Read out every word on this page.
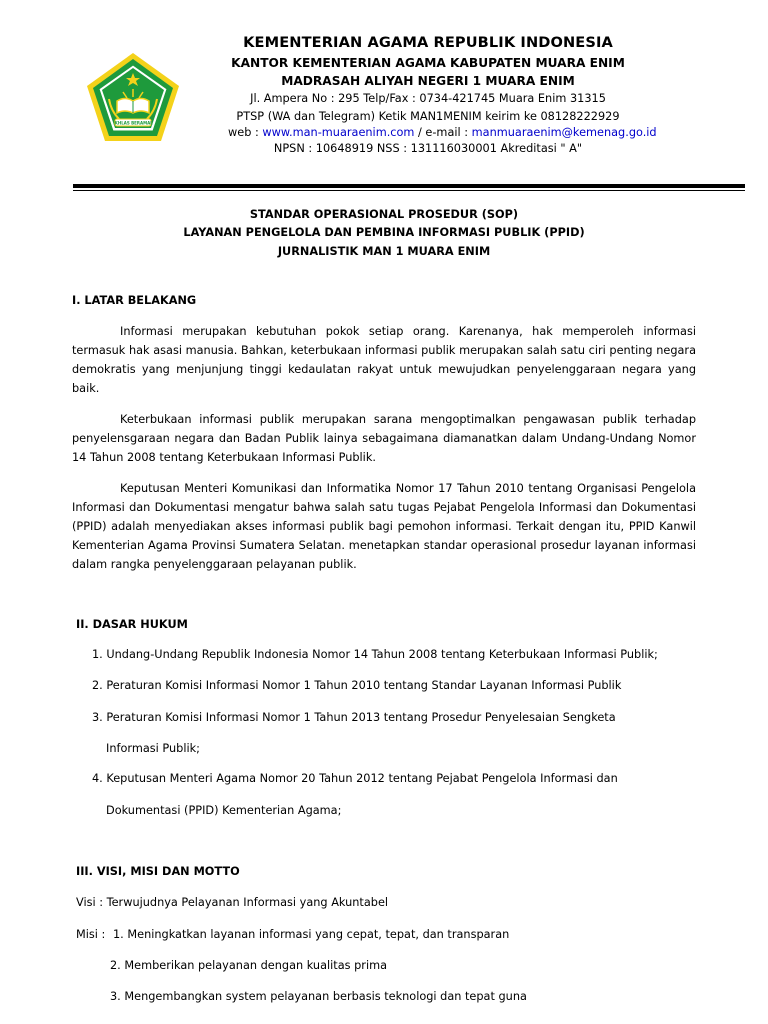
IKHLAS BERAMAL
KEMENTERIAN AGAMA REPUBLIK INDONESIA
KANTOR KEMENTERIAN AGAMA KABUPATEN MUARA ENIM
MADRASAH ALIYAH NEGERI 1 MUARA ENIM
Jl. Ampera No : 295 Telp/Fax : 0734-421745 Muara Enim 31315
PTSP (WA dan Telegram) Ketik MAN1MENIM keirim ke 08128222929
web : www.man-muaraenim.com / e-mail : manmuaraenim@kemenag.go.id
NPSN : 10648919 NSS : 131116030001 Akreditasi " A"
STANDAR OPERASIONAL PROSEDUR (SOP)
LAYANAN PENGELOLA DAN PEMBINA INFORMASI PUBLIK (PPID)
JURNALISTIK MAN 1 MUARA ENIM
I. LATAR BELAKANG

Informasi merupakan kebutuhan pokok setiap orang. Karenanya, hak memperoleh informasi termasuk hak asasi manusia. Bahkan, keterbukaan informasi publik merupakan salah satu ciri penting negara demokratis yang menjunjung tinggi kedaulatan rakyat untuk mewujudkan penyelenggaraan negara yang baik.

Keterbukaan informasi publik merupakan sarana mengoptimalkan pengawasan publik terhadap penyelensgaraan negara dan Badan Publik lainya sebagaimana diamanatkan dalam Undang-Undang Nomor 14 Tahun 2008 tentang Keterbukaan Informasi Publik.

Keputusan Menteri Komunikasi dan Informatika Nomor 17 Tahun 2010 tentang Organisasi Pengelola Informasi dan Dokumentasi mengatur bahwa salah satu tugas Pejabat Pengelola Informasi dan Dokumentasi (PPID) adalah menyediakan akses informasi publik bagi pemohon informasi. Terkait dengan itu, PPID Kanwil Kementerian Agama Provinsi Sumatera Selatan. menetapkan standar operasional prosedur layanan informasi dalam rangka penyelenggaraan pelayanan publik.

II. DASAR HUKUM
1. Undang-Undang Republik Indonesia Nomor 14 Tahun 2008 tentang Keterbukaan Informasi Publik;
2. Peraturan Komisi Informasi Nomor 1 Tahun 2010 tentang Standar Layanan Informasi Publik
3. Peraturan Komisi Informasi Nomor 1 Tahun 2013 tentang Prosedur Penyelesaian Sengketa
Informasi Publik;
4. Keputusan Menteri Agama Nomor 20 Tahun 2012 tentang Pejabat Pengelola Informasi dan
Dokumentasi (PPID) Kementerian Agama;
III. VISI, MISI DAN MOTTO
Visi : Terwujudnya Pelayanan Informasi yang Akuntabel
Misi : 1. Meningkatkan layanan informasi yang cepat, tepat, dan transparan
2. Memberikan pelayanan dengan kualitas prima
3. Mengembangkan system pelayanan berbasis teknologi dan tepat guna
